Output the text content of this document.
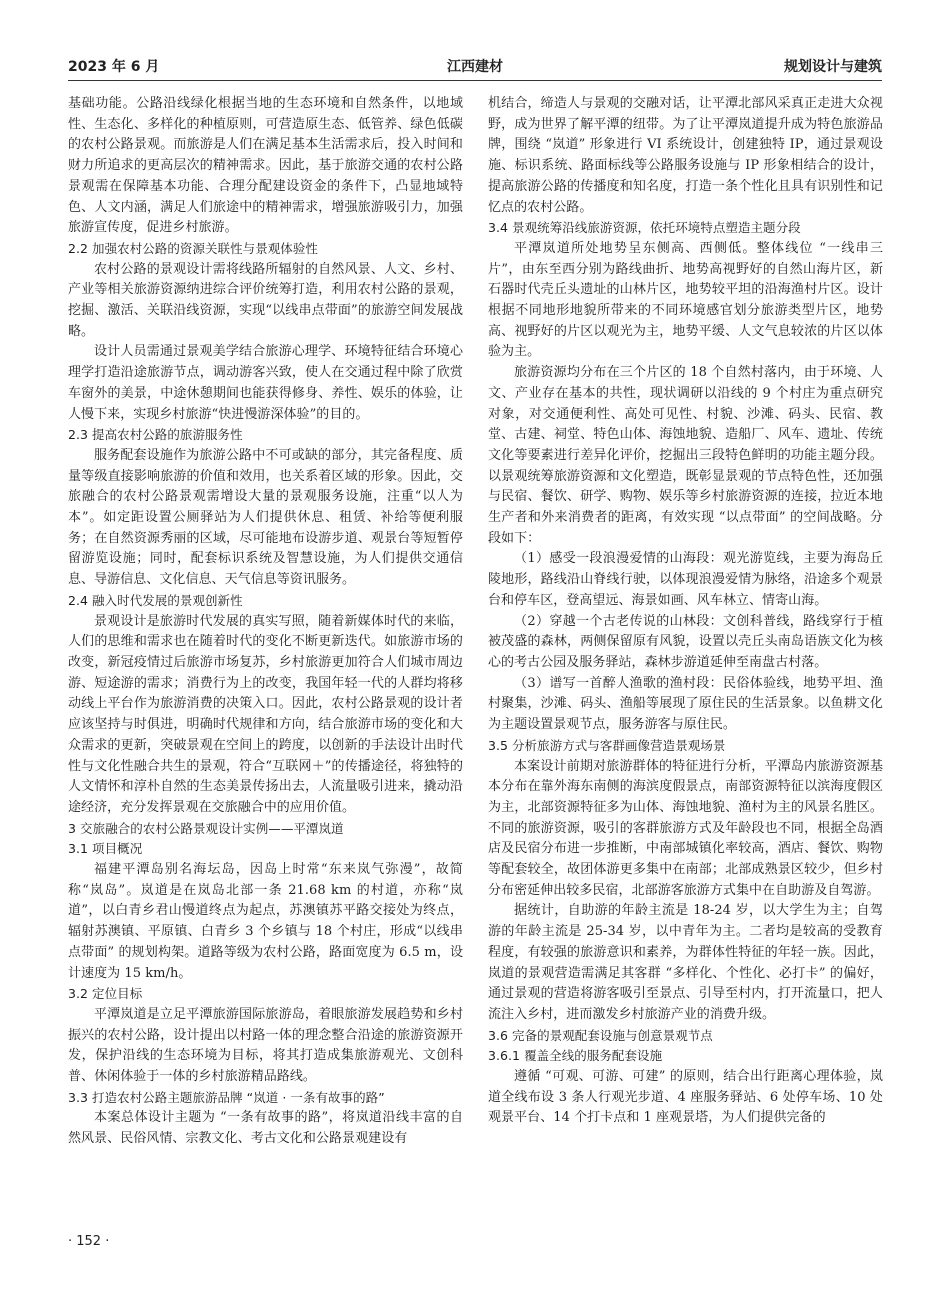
2023 年 6 月	江西建材	规划设计与建筑

基础功能。公路沿线绿化根据当地的生态环境和自然条件，以地域性、生态化、多样化的种植原则，可营造原生态、低管养、绿色低碳的农村公路景观。而旅游是人们在满足基本生活需求后，投入时间和财力所追求的更高层次的精神需求。因此，基于旅游交通的农村公路景观需在保障基本功能、合理分配建设资金的条件下，凸显地域特色、人文内涵，满足人们旅途中的精神需求，增强旅游吸引力，加强旅游宣传度，促进乡村旅游。

2.2 加强农村公路的资源关联性与景观体验性

农村公路的景观设计需将线路所辐射的自然风景、人文、乡村、产业等相关旅游资源纳进综合评价统筹打造，利用农村公路的景观，挖掘、激活、关联沿线资源，实现“以线串点带面”的旅游空间发展战略。

设计人员需通过景观美学结合旅游心理学、环境特征结合环境心理学打造沿途旅游节点，调动游客兴致，使人在交通过程中除了欣赏车窗外的美景，中途休憩期间也能获得修身、养性、娱乐的体验，让人慢下来，实现乡村旅游“快进慢游深体验”的目的。

2.3 提高农村公路的旅游服务性

服务配套设施作为旅游公路中不可或缺的部分，其完备程度、质量等级直接影响旅游的价值和效用，也关系着区域的形象。因此，交旅融合的农村公路景观需增设大量的景观服务设施，注重“以人为本”。如定距设置公厕驿站为人们提供休息、租赁、补给等便利服务；在自然资源秀丽的区域，尽可能地布设游步道、观景台等短暂停留游览设施；同时，配套标识系统及智慧设施，为人们提供交通信息、导游信息、文化信息、天气信息等资讯服务。

2.4 融入时代发展的景观创新性

景观设计是旅游时代发展的真实写照，随着新媒体时代的来临，人们的思维和需求也在随着时代的变化不断更新迭代。如旅游市场的改变，新冠疫情过后旅游市场复苏，乡村旅游更加符合人们城市周边游、短途游的需求；消费行为上的改变，我国年轻一代的人群均将移动线上平台作为旅游消费的决策入口。因此，农村公路景观的设计者应该坚持与时俱进，明确时代规律和方向，结合旅游市场的变化和大众需求的更新，突破景观在空间上的跨度，以创新的手法设计出时代性与文化性融合共生的景观，符合“互联网＋”的传播途径，将独特的人文情怀和淳朴自然的生态美景传扬出去，人流量吸引进来，撬动沿途经济，充分发挥景观在交旅融合中的应用价值。

3 交旅融合的农村公路景观设计实例——平潭岚道

3.1 项目概况

福建平潭岛别名海坛岛，因岛上时常“东来岚气弥漫”，故简称“岚岛”。岚道是在岚岛北部一条 21.68 km 的村道，亦称“岚道”，以白青乡君山慢道终点为起点，苏澳镇苏平路交接处为终点，辐射苏澳镇、平原镇、白青乡 3 个乡镇与 18 个村庄，形成“以线串点带面” 的规划构架。道路等级为农村公路，路面宽度为 6.5 m，设计速度为 15 km/h。

3.2 定位目标

平潭岚道是立足平潭旅游国际旅游岛，着眼旅游发展趋势和乡村振兴的农村公路，设计提出以村路一体的理念整合沿途的旅游资源开发，保护沿线的生态环境为目标，将其打造成集旅游观光、文创科普、休闲体验于一体的乡村旅游精品路线。

3.3 打造农村公路主题旅游品牌 “岚道 · 一条有故事的路”

本案总体设计主题为 “一条有故事的路”，将岚道沿线丰富的自然风景、民俗风情、宗教文化、考古文化和公路景观建设有

机结合，缔造人与景观的交融对话，让平潭北部风采真正走进大众视野，成为世界了解平潭的纽带。为了让平潭岚道提升成为特色旅游品牌，围绕 “岚道” 形象进行 VI 系统设计，创建独特 IP，通过景观设施、标识系统、路面标线等公路服务设施与 IP 形象相结合的设计，提高旅游公路的传播度和知名度，打造一条个性化且具有识别性和记忆点的农村公路。

3.4 景观统筹沿线旅游资源，依托环境特点塑造主题分段

平潭岚道所处地势呈东侧高、西侧低。整体线位 “一线串三片”，由东至西分别为路线曲折、地势高视野好的自然山海片区，新石器时代壳丘头遗址的山林片区，地势较平坦的沿海渔村片区。设计根据不同地形地貌所带来的不同环境感官划分旅游类型片区，地势高、视野好的片区以观光为主，地势平缓、人文气息较浓的片区以体验为主。

旅游资源均分布在三个片区的 18 个自然村落内，由于环境、人文、产业存在基本的共性，现状调研以沿线的 9 个村庄为重点研究对象，对交通便利性、高处可见性、村貌、沙滩、码头、民宿、教堂、古建、祠堂、特色山体、海蚀地貌、造船厂、风车、遗址、传统文化等要素进行差异化评价，挖掘出三段特色鲜明的功能主题分段。以景观统筹旅游资源和文化塑造，既彰显景观的节点特色性，还加强与民宿、餐饮、研学、购物、娱乐等乡村旅游资源的连接，拉近本地生产者和外来消费者的距离，有效实现 “以点带面” 的空间战略。分段如下：

（1）感受一段浪漫爱情的山海段：观光游览线，主要为海岛丘陵地形，路线沿山脊线行驶，以体现浪漫爱情为脉络，沿途多个观景台和停车区，登高望远、海景如画、风车林立、情寄山海。

（2）穿越一个古老传说的山林段：文创科普线，路线穿行于植被茂盛的森林，两侧保留原有风貌，设置以壳丘头南岛语族文化为核心的考古公园及服务驿站，森林步游道延伸至南盘古村落。

（3）谱写一首醉人渔歌的渔村段：民俗体验线，地势平坦、渔村聚集，沙滩、码头、渔船等展现了原住民的生活景象。以鱼耕文化为主题设置景观节点，服务游客与原住民。

3.5 分析旅游方式与客群画像营造景观场景

本案设计前期对旅游群体的特征进行分析，平潭岛内旅游资源基本分布在靠外海东南侧的海滨度假景点，南部资源特征以滨海度假区为主，北部资源特征多为山体、海蚀地貌、渔村为主的风景名胜区。不同的旅游资源，吸引的客群旅游方式及年龄段也不同，根据全岛酒店及民宿分布进一步推断，中南部城镇化率较高，酒店、餐饮、购物等配套较全，故团体游更多集中在南部；北部成熟景区较少，但乡村分布密延伸出较多民宿，北部游客旅游方式集中在自助游及自驾游。

据统计，自助游的年龄主流是 18-24 岁，以大学生为主；自驾游的年龄主流是 25-34 岁，以中青年为主。二者均是较高的受教育程度，有较强的旅游意识和素养，为群体性特征的年轻一族。因此，岚道的景观营造需满足其客群 “多样化、个性化、必打卡” 的偏好，通过景观的营造将游客吸引至景点、引导至村内，打开流量口，把人流注入乡村，进而激发乡村旅游产业的消费升级。

3.6 完备的景观配套设施与创意景观节点

3.6.1 覆盖全线的服务配套设施

遵循 “可观、可游、可建” 的原则，结合出行距离心理体验，岚道全线布设 3 条人行观光步道、4 座服务驿站、6 处停车场、10 处观景平台、14 个打卡点和 1 座观景塔，为人们提供完备的

· 152 ·
